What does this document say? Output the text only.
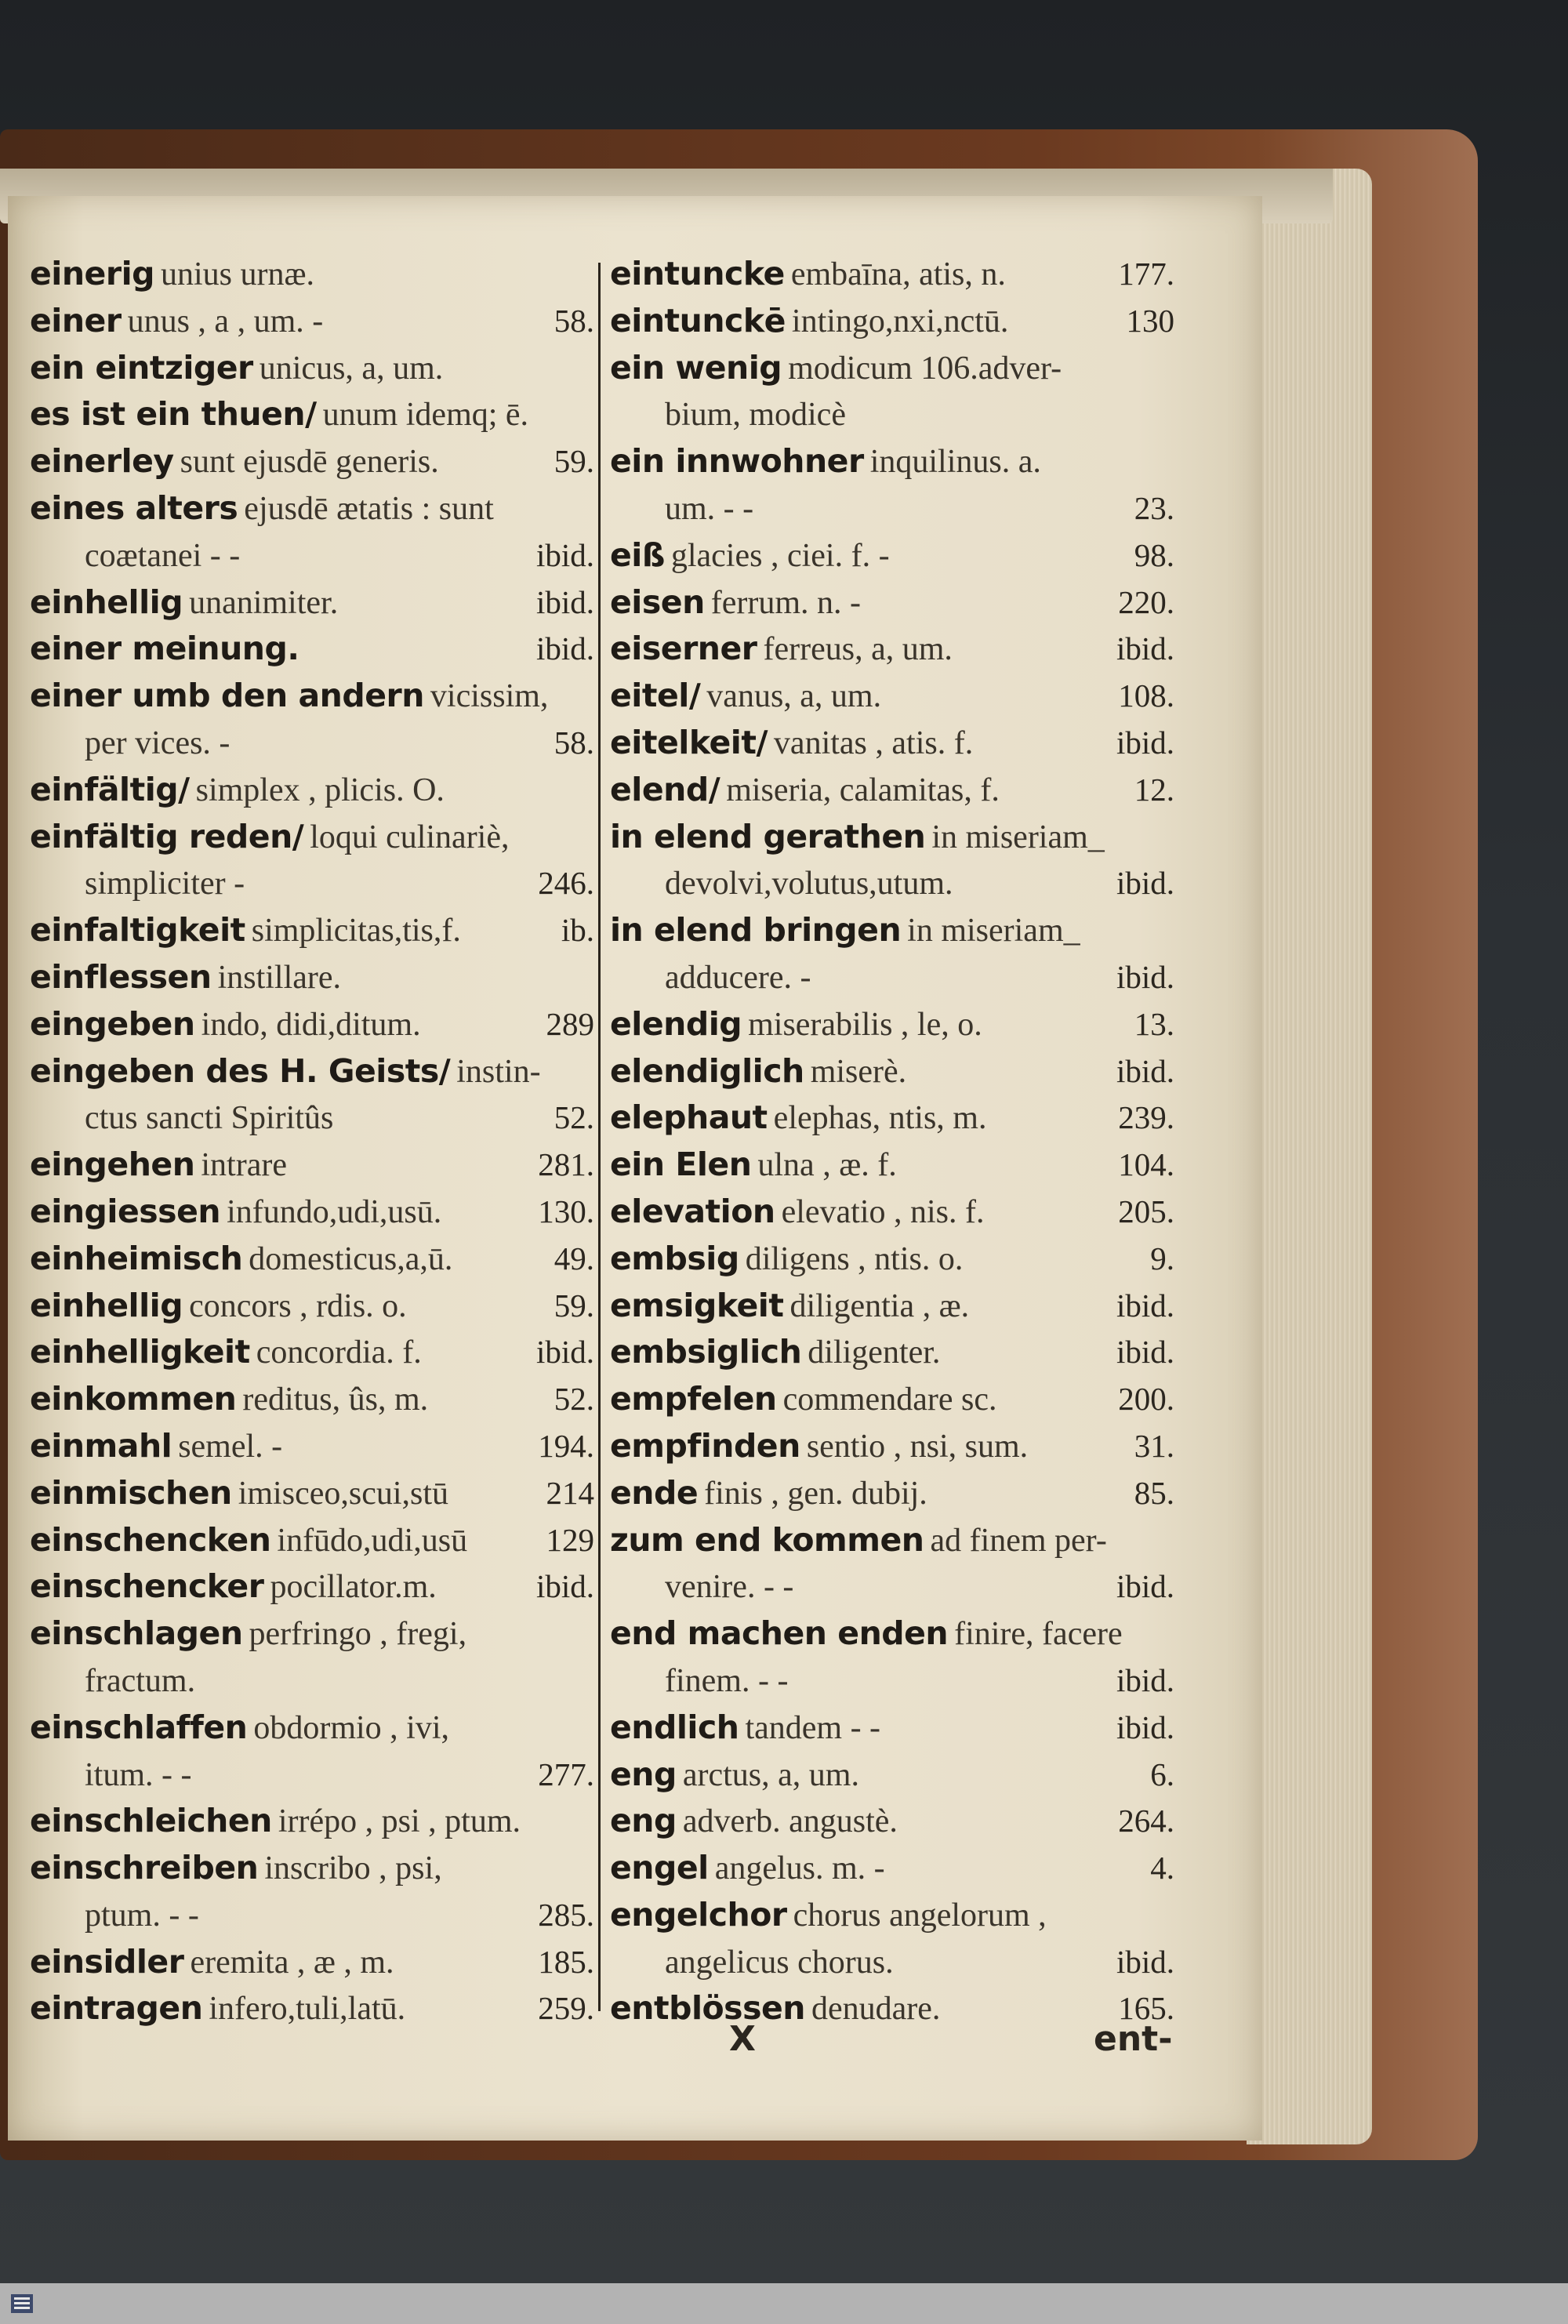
einerig unius urnæ.
einer unus , a , um. -	58.
ein eintziger unicus, a, um.
es ist ein thuen/ unum idemq; ē.
einerley sunt ejusdē generis.	59.
eines alters ejusdē ætatis : sunt
coætanei - -	ibid.
einhellig unanimiter.	ibid.
einer meinung.	ibid.
einer umb den andern vicissim,
per vices. -	58.
einfältig/ simplex , plicis. O.
einfältig reden/ loqui culinariè,
simpliciter -	246.
einfaltigkeit simplicitas,tis,f.	ib.
einflessen instillare.
eingeben indo, didi,ditum.	289
eingeben des H. Geists/ instin-
ctus sancti Spiritûs	52.
eingehen intrare	281.
eingiessen infundo,udi,usū.	130.
einheimisch domesticus,a,ū.	49.
einhellig concors , rdis. o.	59.
einhelligkeit concordia. f.	ibid.
einkommen reditus, ûs, m.	52.
einmahl semel. -	194.
einmischen imisceo,scui,stū	214
einschencken infūdo,udi,usū 129
einschencker pocillator.m.	ibid.
einschlagen perfringo , fregi,
fractum.
einschlaffen obdormio , ivi,
itum. - -	277.
einschleichen irrépo , psi , ptum.
einschreiben inscribo , psi,
ptum. - -	285.
einsidler eremita , æ , m.	185.
eintragen infero,tuli,latū.	259.
eintuncke embaīna, atis, n.	177.
eintunckē intingo,nxi,nctū.	130
ein wenig modicum 106.adver-
bium, modicè
ein innwohner inquilinus. a.
um. - -	23.
eiß glacies , ciei. f. -	98.
eisen ferrum. n. -	220.
eiserner ferreus, a, um.	ibid.
eitel/ vanus, a, um.	108.
eitelkeit/ vanitas , atis. f.	ibid.
elend/ miseria, calamitas, f.	12.
in elend gerathen in miseriam_
devolvi,volutus,utum.	ibid.
in elend bringen in miseriam_
adducere. -	ibid.
elendig miserabilis , le, o.	13.
elendiglich miserè.	ibid.
elephaut elephas, ntis, m.	239.
ein Elen ulna , æ. f.	104.
elevation elevatio , nis. f.	205.
embsig diligens , ntis. o.	9.
emsigkeit diligentia , æ.	ibid.
embsiglich diligenter.	ibid.
empfelen commendare sc.	200.
empfinden sentio , nsi, sum.	31.
ende finis , gen. dubij.	85.
zum end kommen ad finem per-
venire. - -	ibid.
end machen enden finire, facere
finem. - -	ibid.
endlich tandem - -	ibid.
eng arctus, a, um.	6.
eng adverb. angustè.	264.
engel angelus. m. -	4.
engelchor chorus angelorum ,
angelicus chorus.	ibid.
entblössen denudare.	165.
X	ent-
